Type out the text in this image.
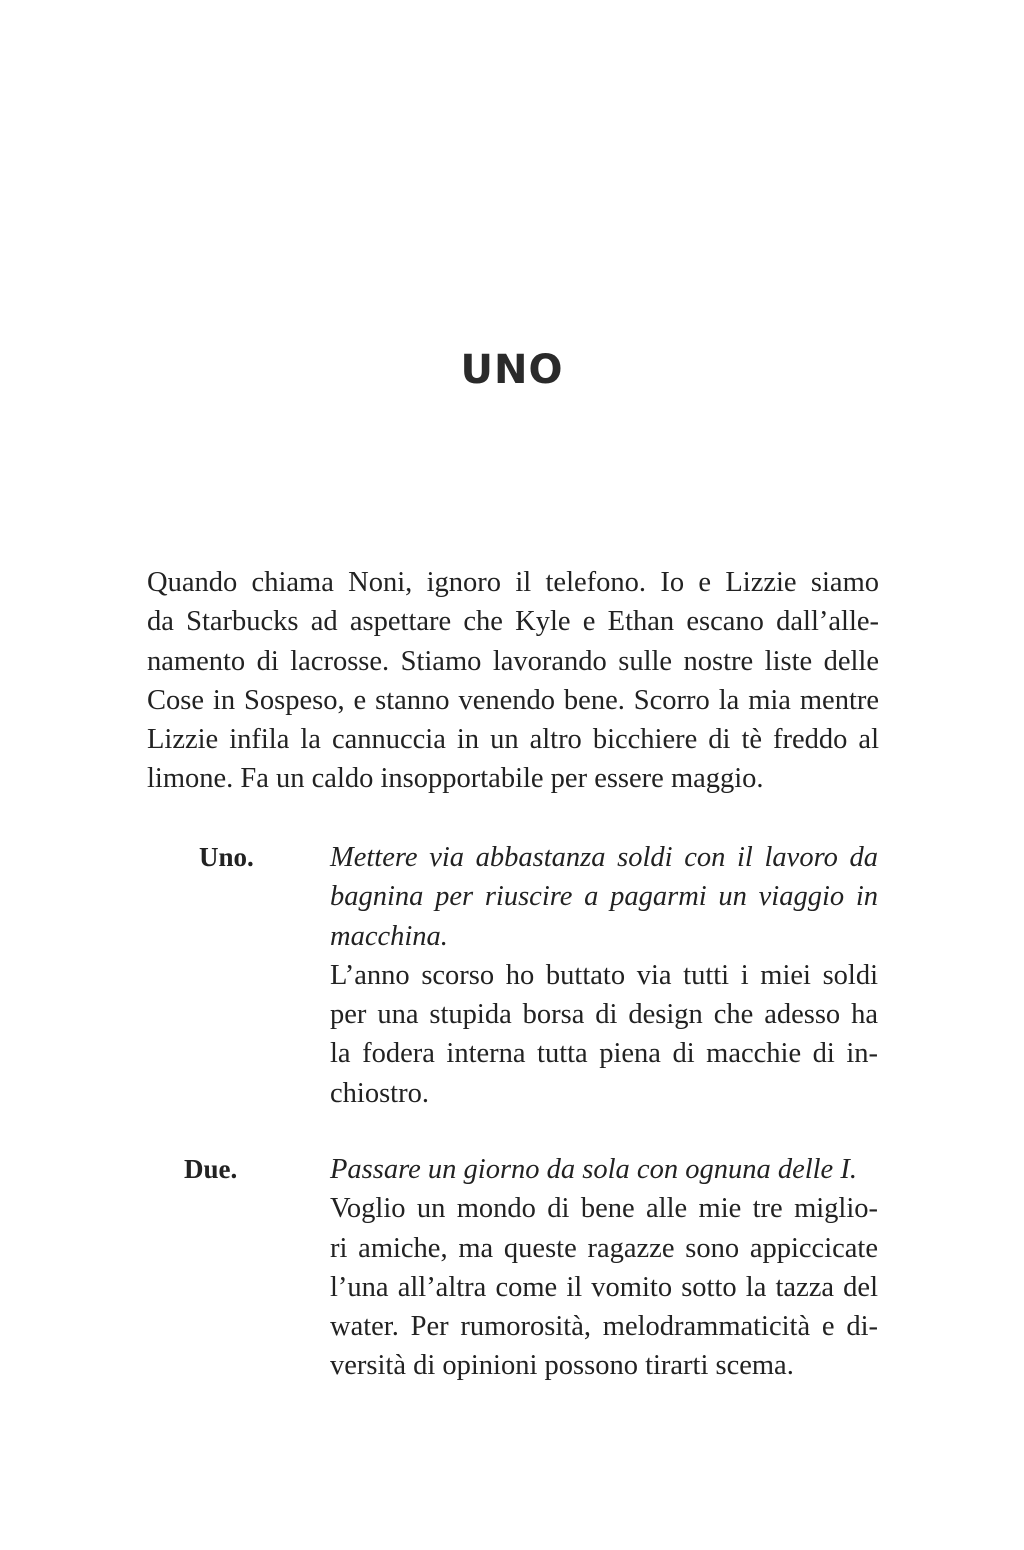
UNO
Quando chiama Noni, ignoro il telefono. Io e Lizzie siamo
da Starbucks ad aspettare che Kyle e Ethan escano dall’alle-
namento di lacrosse. Stiamo lavorando sulle nostre liste delle
Cose in Sospeso, e stanno venendo bene. Scorro la mia mentre
Lizzie infila la cannuccia in un altro bicchiere di tè freddo al
limone. Fa un caldo insopportabile per essere maggio.

Uno.	Mettere via abbastanza soldi con il lavoro da
bagnina per riuscire a pagarmi un viaggio in
macchina.
L’anno scorso ho buttato via tutti i miei soldi
per una stupida borsa di design che adesso ha
la fodera interna tutta piena di macchie di in-
chiostro.

Due.	Passare un giorno da sola con ognuna delle I.
Voglio un mondo di bene alle mie tre miglio-
ri amiche, ma queste ragazze sono appiccicate
l’una all’altra come il vomito sotto la tazza del
water. Per rumorosità, melodrammaticità e di-
versità di opinioni possono tirarti scema.
